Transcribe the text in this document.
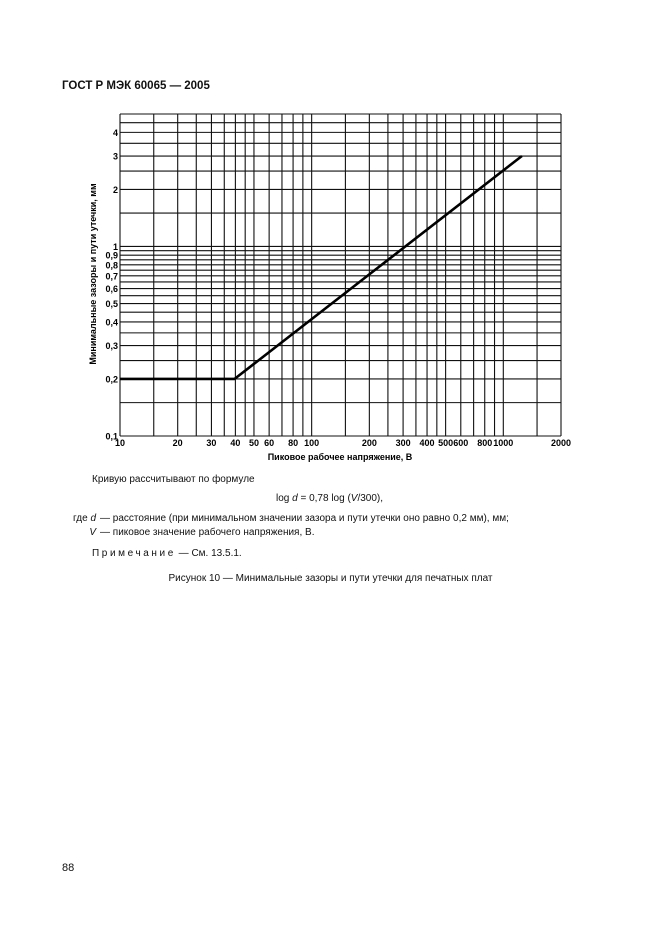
ГОСТ Р МЭК 60065 — 2005
10	20	30 40 50 60 80 100	200 300 400 500 600 800 1000	2000
0,1
0,2
0,3
0,4
0,5
0,6
0,7
0,8
0,9
1
2
3
4
Пиковое рабочее напряжение, В
Минимальные зазоры и пути утечки, мм
Кривую рассчитывают по формуле
log d = 0,78 log (V/300),
где d — расстояние (при минимальном значении зазора и пути утечки оно равно 0,2 мм), мм;
V — пиковое значение рабочего напряжения, В.
Примечание — См. 13.5.1.
Рисунок 10 — Минимальные зазоры и пути утечки для печатных плат
88
